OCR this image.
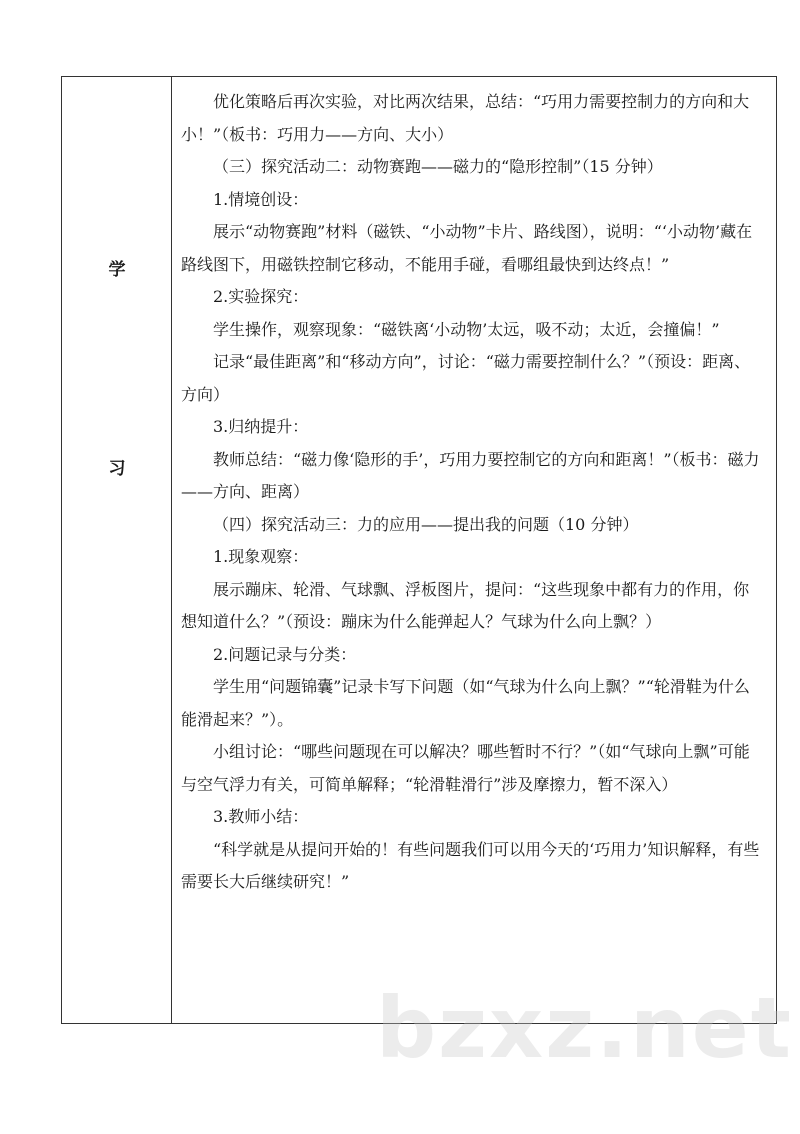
学
习

优化策略后再次实验，对比两次结果，总结：“巧用力需要控制力的方向和大小！”（板书：巧用力——方向、大小）

（三）探究活动二：动物赛跑——磁力的“隐形控制”（15 分钟）

1.情境创设：

展示“动物赛跑”材料（磁铁、“小动物”卡片、路线图），说明：“‘小动物’藏在路线图下，用磁铁控制它移动，不能用手碰，看哪组最快到达终点！”

2.实验探究：

学生操作，观察现象：“磁铁离‘小动物’太远，吸不动；太近，会撞偏！”

记录“最佳距离”和“移动方向”，讨论：“磁力需要控制什么？”（预设：距离、方向）

3.归纳提升：

教师总结：“磁力像‘隐形的手’，巧用力要控制它的方向和距离！”（板书：磁力——方向、距离）

（四）探究活动三：力的应用——提出我的问题（10 分钟）

1.现象观察：

展示蹦床、轮滑、气球飘、浮板图片，提问：“这些现象中都有力的作用，你想知道什么？”（预设：蹦床为什么能弹起人？气球为什么向上飘？）

2.问题记录与分类：

学生用“问题锦囊”记录卡写下问题（如“气球为什么向上飘？”“轮滑鞋为什么能滑起来？”）。

小组讨论：“哪些问题现在可以解决？哪些暂时不行？”（如“气球向上飘”可能与空气浮力有关，可简单解释；“轮滑鞋滑行”涉及摩擦力，暂不深入）

3.教师小结：

“科学就是从提问开始的！有些问题我们可以用今天的‘巧用力’知识解释，有些需要长大后继续研究！”

bzxz.net
